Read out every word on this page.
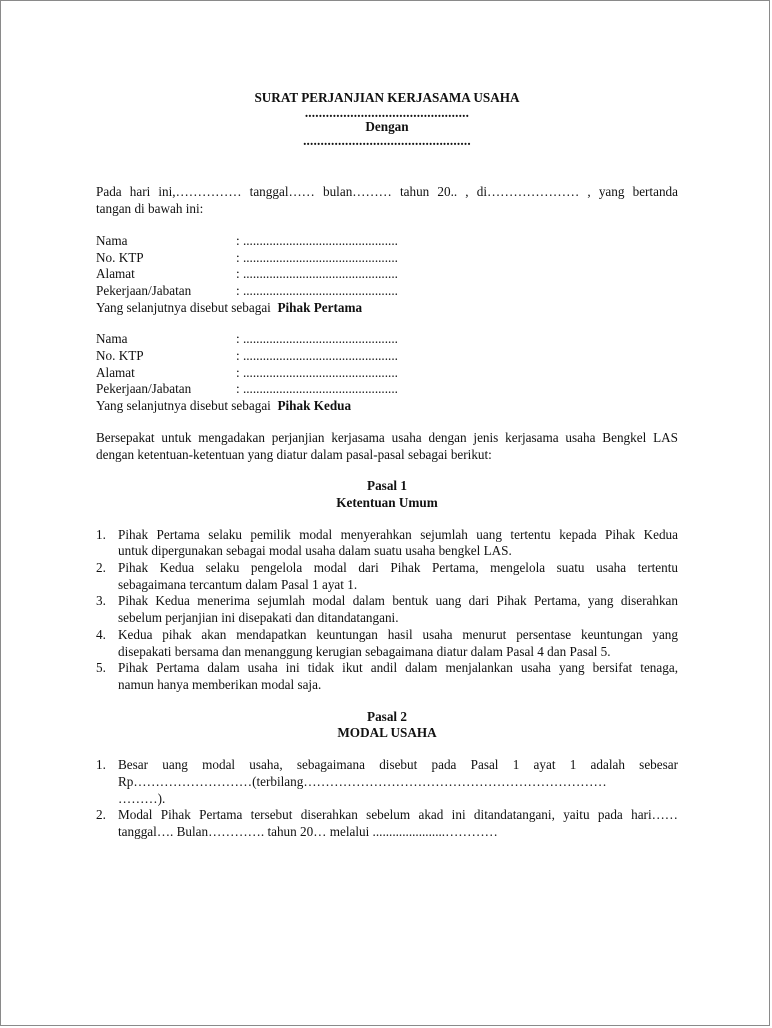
SURAT PERJANJIAN KERJASAMA USAHA
...............................................
Dengan
................................................

Pada hari ini,…………… tanggal…… bulan……… tahun 20.. , di………………… , yang bertanda

tangan di bawah ini:

Nama	: ...............................................
No. KTP	: ...............................................
Alamat	: ...............................................
Pekerjaan/Jabatan	: ...............................................

Yang selanjutnya disebut sebagai Pihak Pertama

Nama	: ...............................................
No. KTP	: ...............................................
Alamat	: ...............................................
Pekerjaan/Jabatan	: ...............................................

Yang selanjutnya disebut sebagai Pihak Kedua

Bersepakat untuk mengadakan perjanjian kerjasama usaha dengan jenis kerjasama usaha Bengkel LAS

dengan ketentuan-ketentuan yang diatur dalam pasal-pasal sebagai berikut:

Pasal 1
Ketentuan Umum
1. Pihak Pertama selaku pemilik modal menyerahkan sejumlah uang tertentu kepada Pihak Kedua

untuk dipergunakan sebagai modal usaha dalam suatu usaha bengkel LAS.

2. Pihak Kedua selaku pengelola modal dari Pihak Pertama, mengelola suatu usaha tertentu

sebagaimana tercantum dalam Pasal 1 ayat 1.

3. Pihak Kedua menerima sejumlah modal dalam bentuk uang dari Pihak Pertama, yang diserahkan

sebelum perjanjian ini disepakati dan ditandatangani.

4. Kedua pihak akan mendapatkan keuntungan hasil usaha menurut persentase keuntungan yang

disepakati bersama dan menanggung kerugian sebagaimana diatur dalam Pasal 4 dan Pasal 5.

5. Pihak Pertama dalam usaha ini tidak ikut andil dalam menjalankan usaha yang bersifat tenaga,

namun hanya memberikan modal saja.

Pasal 2
MODAL USAHA
1. Besar uang modal usaha, sebagaimana disebut pada Pasal 1 ayat 1 adalah sebesar

Rp………………………(terbilang……………………………………………………………

………).

2. Modal Pihak Pertama tersebut diserahkan sebelum akad ini ditandatangani, yaitu pada hari……

tanggal…. Bulan…………. tahun 20… melalui ......................…………
